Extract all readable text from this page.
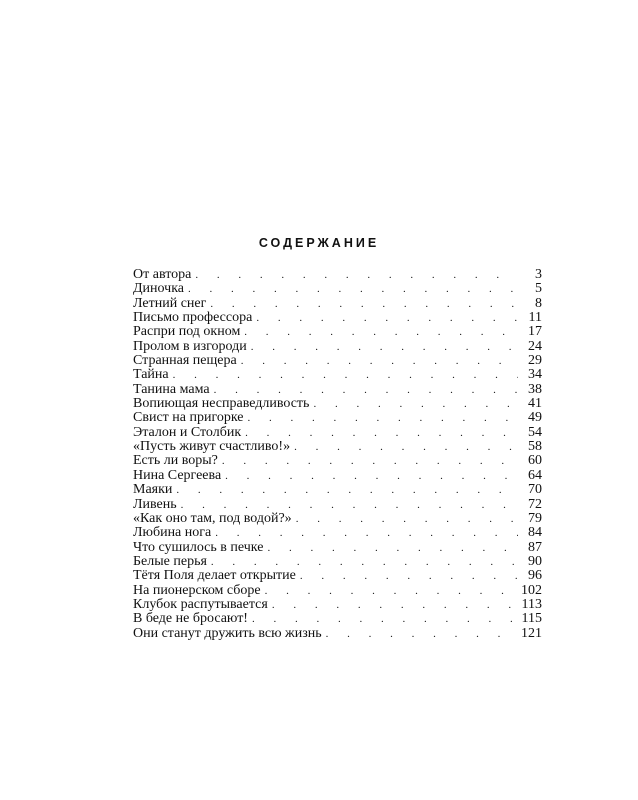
СОДЕРЖАНИЕ
От автора . . .	3
Диночка . . .	5
Летний снег . . .	8
Письмо профессора . . .	11
Распри под окном . . .	17
Пролом в изгороди . . .	24
Странная пещера . . .	29
Тайна . . .	34
Танина мама . . .	38
Вопиющая несправедливость . . .	41
Свист на пригорке . . .	49
Эталон и Столбик . . .	54
«Пусть живут счастливо!» . . .	58
Есть ли воры? . . .	60
Нина Сергеева . . .	64
Маяки . . .	70
Ливень . . .	72
«Как оно там, под водой?» . . .	79
Любина нога . . .	84
Что сушилось в печке . . .	87
Белые перья . . .	90
Тётя Поля делает открытие . . .	96
На пионерском сборе . . .	102
Клубок распутывается . . .	113
В беде не бросают! . . .	115
Они станут дружить всю жизнь . . .	121
